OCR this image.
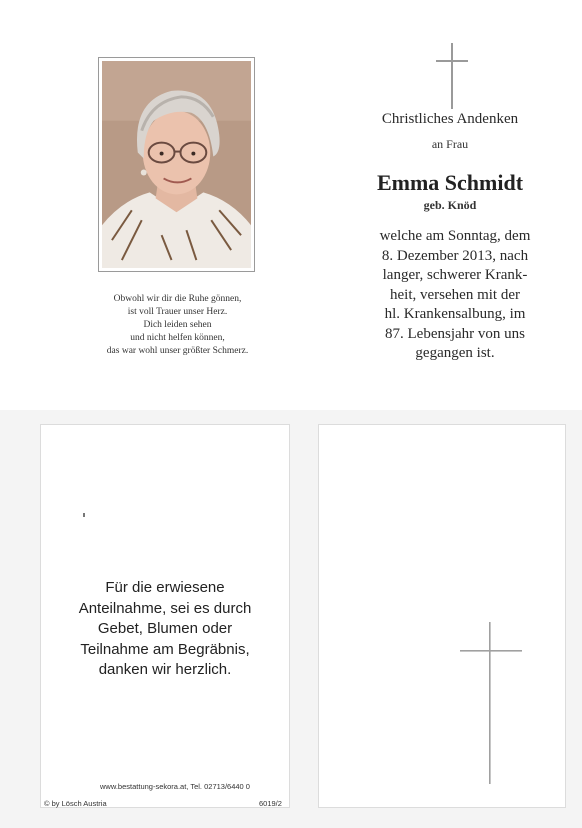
Obwohl wir dir die Ruhe gönnen,
ist voll Trauer unser Herz.
Dich leiden sehen
und nicht helfen können,
das war wohl unser größter Schmerz.
Christliches Andenken
an Frau
Emma Schmidt
geb. Knöd
welche am Sonntag, dem
8. Dezember 2013, nach
langer, schwerer Krank-
heit, versehen mit der
hl. Krankensalbung, im
87. Lebensjahr von uns
gegangen ist.
Für die erwiesene
Anteilnahme, sei es durch
Gebet, Blumen oder
Teilnahme am Begräbnis,
danken wir herzlich.
www.bestattung-sekora.at, Tel. 02713/6440 0
© by Lösch Austria	6019/2
